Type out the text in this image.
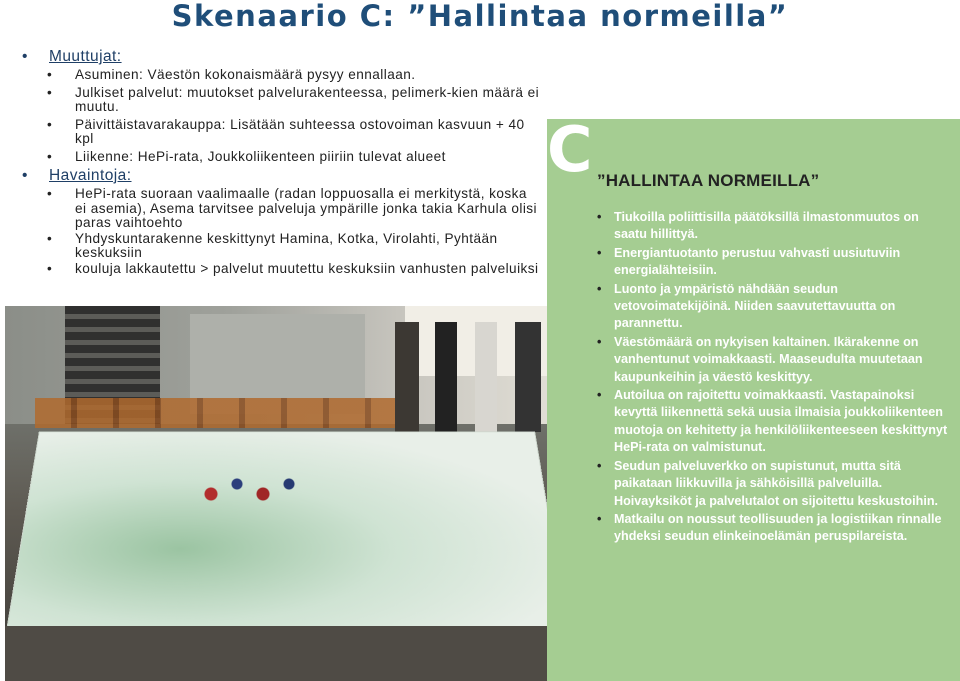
Skenaario C: ”Hallintaa normeilla”
• Muuttujat:
• Asuminen: Väestön kokonaismäärä pysyy ennallaan.
• Julkiset palvelut: muutokset palvelurakenteessa, pelimerk-kien määrä ei muutu.
• Päivittäistavarakauppa: Lisätään suhteessa ostovoiman kasvuun + 40 kpl
• Liikenne: HePi-rata, Joukkoliikenteen piiriin tulevat alueet
• Havaintoja:
• HePi-rata suoraan vaalimaalle (radan loppuosalla ei merkitystä, koska ei asemia), Asema tarvitsee palveluja ympärille jonka takia Karhula olisi paras vaihtoehto
• Yhdyskuntarakenne keskittynyt Hamina, Kotka, Virolahti, Pyhtään keskuksiin
• kouluja lakkautettu > palvelut muutettu keskuksiin vanhusten palveluiksi
C ”HALLINTAA NORMEILLA”
• Tiukoilla poliittisilla päätöksillä ilmastonmuutos on saatu hillittyä.
• Energiantuotanto perustuu vahvasti uusiutuviin energialähteisiin.
• Luonto ja ympäristö nähdään seudun vetovoimatekijöinä. Niiden saavutettavuutta on parannettu.
• Väestömäärä on nykyisen kaltainen. Ikärakenne on vanhentunut voimakkaasti. Maaseudulta muutetaan kaupunkeihin ja väestö keskittyy.
• Autoilua on rajoitettu voimakkaasti. Vastapainoksi kevyttä liikennettä sekä uusia ilmaisia joukkoliikenteen muotoja on kehitetty ja henkilöliikenteeseen keskittynyt HePi-rata on valmistunut.
• Seudun palveluverkko on supistunut, mutta sitä paikataan liikkuvilla ja sähköisillä palveluilla. Hoivayksiköt ja palvelutalot on sijoitettu keskustoihin.
• Matkailu on noussut teollisuuden ja logistiikan rinnalle yhdeksi seudun elinkeinoelämän peruspilareista.
